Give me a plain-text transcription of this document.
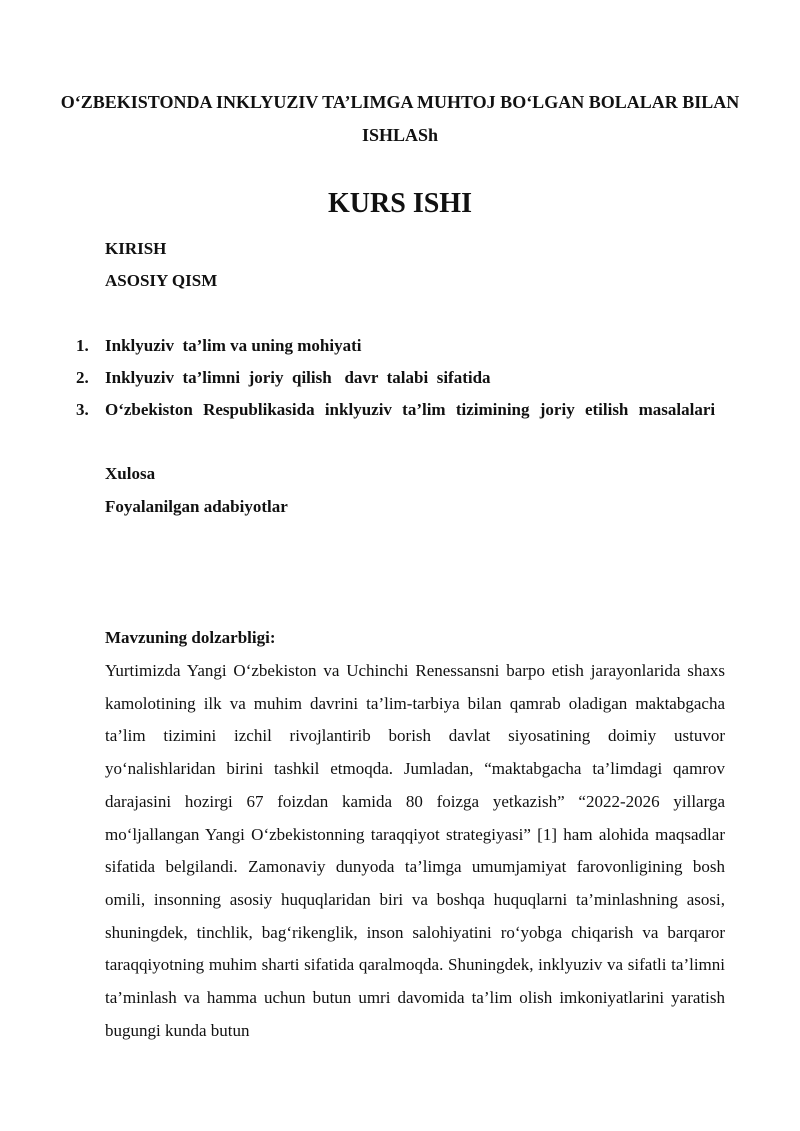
O‘ZBEKISTONDA INKLYUZIV TA’LIMGA MUHTOJ BO‘LGAN BOLALAR BILAN ISHLASh
KURS ISHI
KIRISH
ASOSIY QISM
1. Inklyuziv  ta’lim va uning mohiyati
2. Inklyuziv  ta’limni  joriy  qilish   davr  talabi  sifatida
3. O‘zbekiston Respublikasida inklyuziv ta’lim tizimining joriy etilish masalalari
Xulosa
Foyalanilgan adabiyotlar
Mavzuning dolzarbligi:

Yurtimizda Yangi O‘zbekiston va Uchinchi Renessansni barpo etish jarayonlarida shaxs kamolotining ilk va muhim davrini ta’lim-tarbiya bilan qamrab oladigan maktabgacha ta’lim tizimini izchil rivojlantirib borish davlat siyosatining doimiy ustuvor yo‘nalishlaridan birini tashkil etmoqda. Jumladan, “maktabgacha ta’limdagi qamrov darajasini hozirgi 67 foizdan kamida 80 foizga yetkazish” “2022-2026 yillarga mo‘ljallangan Yangi O‘zbekistonning taraqqiyot strategiyasi” [1] ham alohida maqsadlar sifatida belgilandi. Zamonaviy dunyoda ta’limga umumjamiyat farovonligining bosh omili, insonning asosiy huquqlaridan biri va boshqa huquqlarni ta’minlashning asosi, shuningdek, tinchlik, bag‘rikenglik, inson salohiyatini ro‘yobga chiqarish va barqaror taraqqiyotning muhim sharti sifatida qaralmoqda. Shuningdek, inklyuziv va sifatli ta’limni ta’minlash va hamma uchun butun umri davomida ta’lim olish imkoniyatlarini yaratish bugungi kunda butun
